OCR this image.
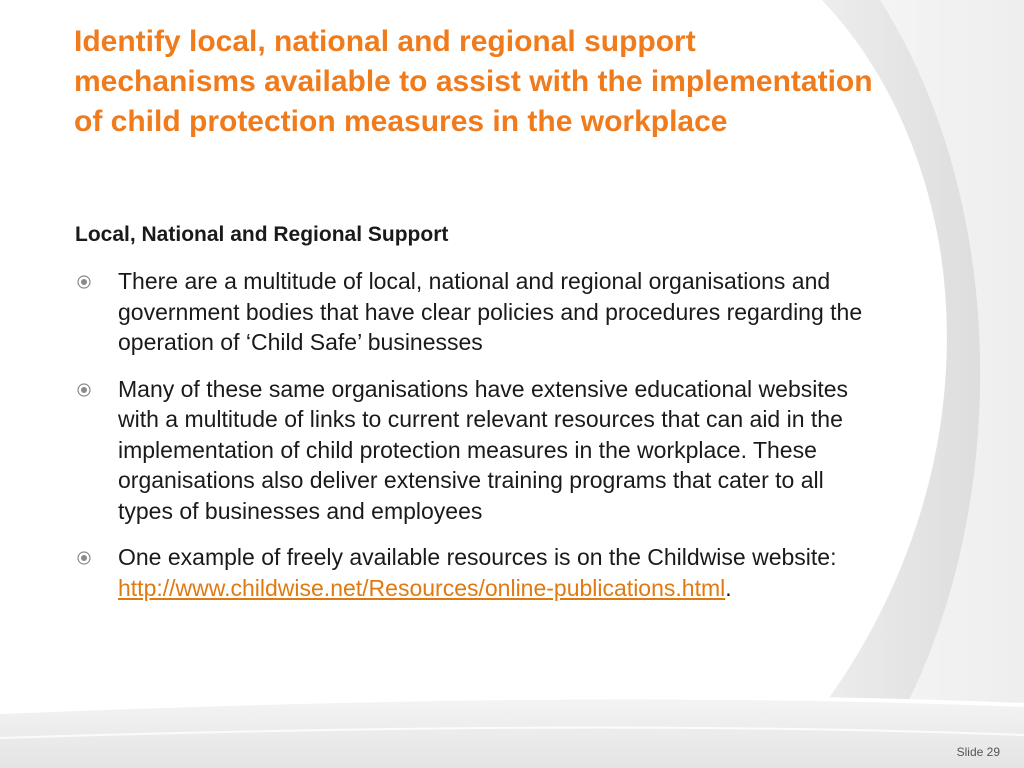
Identify local, national and regional support mechanisms available to assist with the implementation of child protection measures in the workplace
Local, National and Regional Support
There are a multitude of local, national and regional organisations and government bodies that have clear policies and procedures regarding the operation of ‘Child Safe’ businesses
Many of these same organisations have extensive educational websites with a multitude of links to current relevant resources that can aid in the implementation of child protection measures in the workplace. These organisations also deliver extensive training programs that cater to all types of businesses and employees
One example of freely available resources is on the Childwise website:  http://www.childwise.net/Resources/online-publications.html.
Slide 29
